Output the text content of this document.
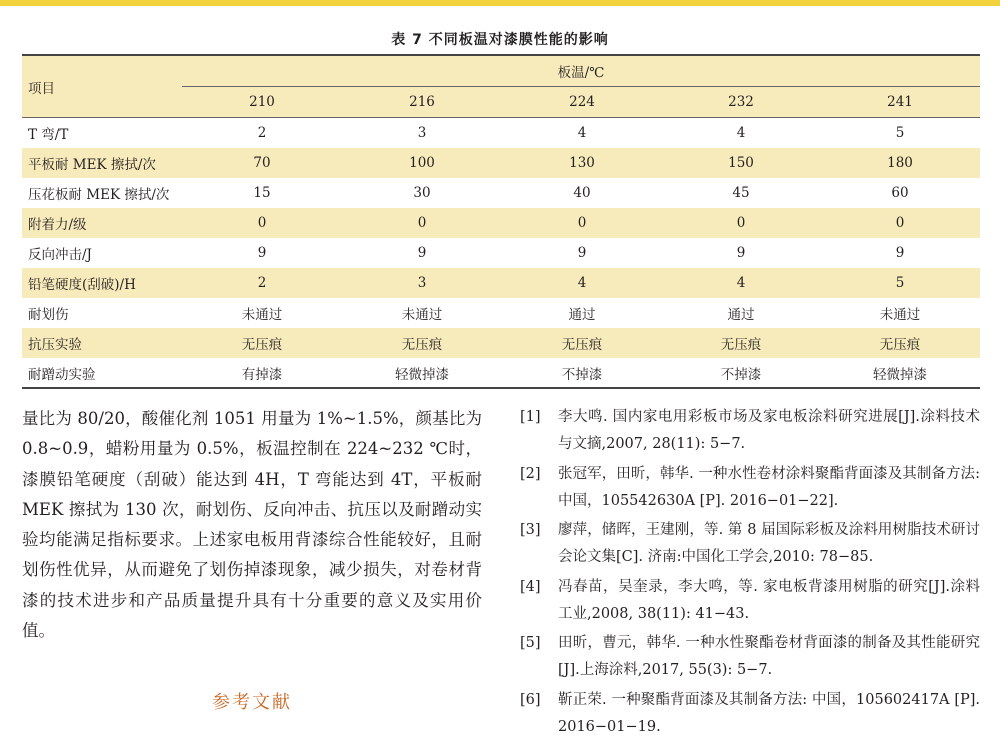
表 7 不同板温对漆膜性能的影响
项目	板温/℃				
	210	216	224	232	241
T 弯/T	2	3	4	4	5
平板耐 MEK 擦拭/次	70	100	130	150	180
压花板耐 MEK 擦拭/次	15	30	40	45	60
附着力/级	0	0	0	0	0
反向冲击/J	9	9	9	9	9
铅笔硬度(刮破)/H	2	3	4	4	5
耐划伤	未通过	未通过	通过	通过	未通过
抗压实验	无压痕	无压痕	无压痕	无压痕	无压痕
耐蹭动实验	有掉漆	轻微掉漆	不掉漆	不掉漆	轻微掉漆

量比为 80/20，酸催化剂 1051 用量为 1%~1.5%，颜基比为 0.8~0.9，蜡粉用量为 0.5%，板温控制在 224~232 ℃时，漆膜铅笔硬度（刮破）能达到 4H，T 弯能达到 4T，平板耐 MEK 擦拭为 130 次，耐划伤、反向冲击、抗压以及耐蹭动实验均能满足指标要求。上述家电板用背漆综合性能较好，且耐划伤性优异，从而避免了划伤掉漆现象，减少损失，对卷材背漆的技术进步和产品质量提升具有十分重要的意义及实用价值。

参考文献
[1]	李大鸣. 国内家电用彩板市场及家电板涂料研究进展[J].涂料技术与文摘,2007, 28(11): 5−7.
[2]	张冠军，田昕，韩华. 一种水性卷材涂料聚酯背面漆及其制备方法:中国，105542630A [P]. 2016−01−22].
[3]	廖萍，储晖，王建刚，等. 第 8 届国际彩板及涂料用树脂技术研讨会论文集[C]. 济南:中国化工学会,2010: 78−85.
[4]	冯春苗，吴奎录，李大鸣，等. 家电板背漆用树脂的研究[J].涂料工业,2008, 38(11): 41−43.
[5]	田昕，曹元，韩华. 一种水性聚酯卷材背面漆的制备及其性能研究[J].上海涂料,2017, 55(3): 5−7.
[6]	靳正荣. 一种聚酯背面漆及其制备方法: 中国，105602417A [P]. 2016−01−19.
